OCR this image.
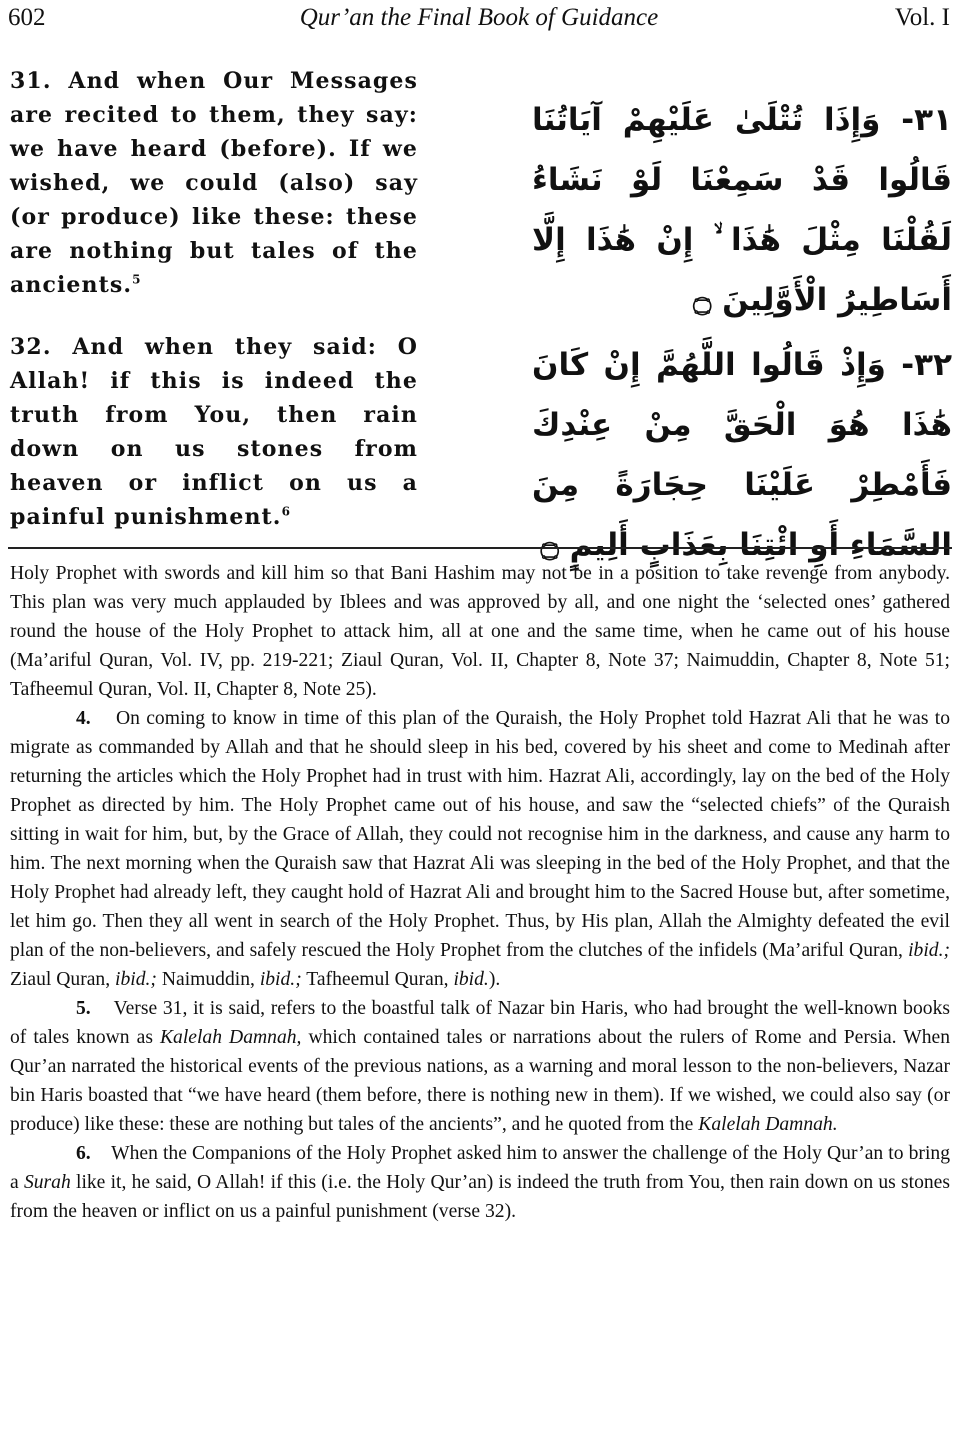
602	Qur’an the Final Book of Guidance	Vol. I
31. And when Our Messages are recited to them, they say: we have heard (before). If we wished, we could (also) say (or produce) like these: these are nothing but tales of the ancients.$^5$
٣١- وَإِذَا تُتْلَىٰ عَلَيْهِمْ آيَاتُنَا قَالُوا قَدْ سَمِعْنَا لَوْ نَشَاءُ لَقُلْنَا مِثْلَ هَٰذَا ۙ إِنْ هَٰذَا إِلَّا أَسَاطِيرُ الْأَوَّلِينَ ۝
32. And when they said: O Allah! if this is indeed the truth from You, then rain down on us stones from heaven or inflict on us a painful punishment.$^6$
٣٢- وَإِذْ قَالُوا اللَّهُمَّ إِنْ كَانَ هَٰذَا هُوَ الْحَقَّ مِنْ عِنْدِكَ فَأَمْطِرْ عَلَيْنَا حِجَارَةً مِنَ السَّمَاءِ أَوِ ائْتِنَا بِعَذَابٍ أَلِيمٍ ۝

Holy Prophet with swords and kill him so that Bani Hashim may not be in a position to take revenge from anybody. This plan was very much applauded by Iblees and was approved by all, and one night the ‘selected ones’ gathered round the house of the Holy Prophet to attack him, all at one and the same time, when he came out of his house (Ma’ariful Quran, Vol. IV, pp. 219-221; Ziaul Quran, Vol. II, Chapter 8, Note 37; Naimuddin, Chapter 8, Note 51; Tafheemul Quran, Vol. II, Chapter 8, Note 25).

4. On coming to know in time of this plan of the Quraish, the Holy Prophet told Hazrat Ali that he was to migrate as commanded by Allah and that he should sleep in his bed, covered by his sheet and come to Medinah after returning the articles which the Holy Prophet had in trust with him. Hazrat Ali, accordingly, lay on the bed of the Holy Prophet as directed by him. The Holy Prophet came out of his house, and saw the “selected chiefs” of the Quraish sitting in wait for him, but, by the Grace of Allah, they could not recognise him in the darkness, and cause any harm to him. The next morning when the Quraish saw that Hazrat Ali was sleeping in the bed of the Holy Prophet, and that the Holy Prophet had already left, they caught hold of Hazrat Ali and brought him to the Sacred House but, after sometime, let him go. Then they all went in search of the Holy Prophet. Thus, by His plan, Allah the Almighty defeated the evil plan of the non-believers, and safely rescued the Holy Prophet from the clutches of the infidels (Ma’ariful Quran, ibid.; Ziaul Quran, ibid.; Naimuddin, ibid.; Tafheemul Quran, ibid.).

5. Verse 31, it is said, refers to the boastful talk of Nazar bin Haris, who had brought the well-known books of tales known as Kalelah Damnah, which contained tales or narrations about the rulers of Rome and Persia. When Qur’an narrated the historical events of the previous nations, as a warning and moral lesson to the non-believers, Nazar bin Haris boasted that “we have heard (them before, there is nothing new in them). If we wished, we could also say (or produce) like these: these are nothing but tales of the ancients”, and he quoted from the Kalelah Damnah.

6. When the Companions of the Holy Prophet asked him to answer the challenge of the Holy Qur’an to bring a Surah like it, he said, O Allah! if this (i.e. the Holy Qur’an) is indeed the truth from You, then rain down on us stones from the heaven or inflict on us a painful punishment (verse 32).
